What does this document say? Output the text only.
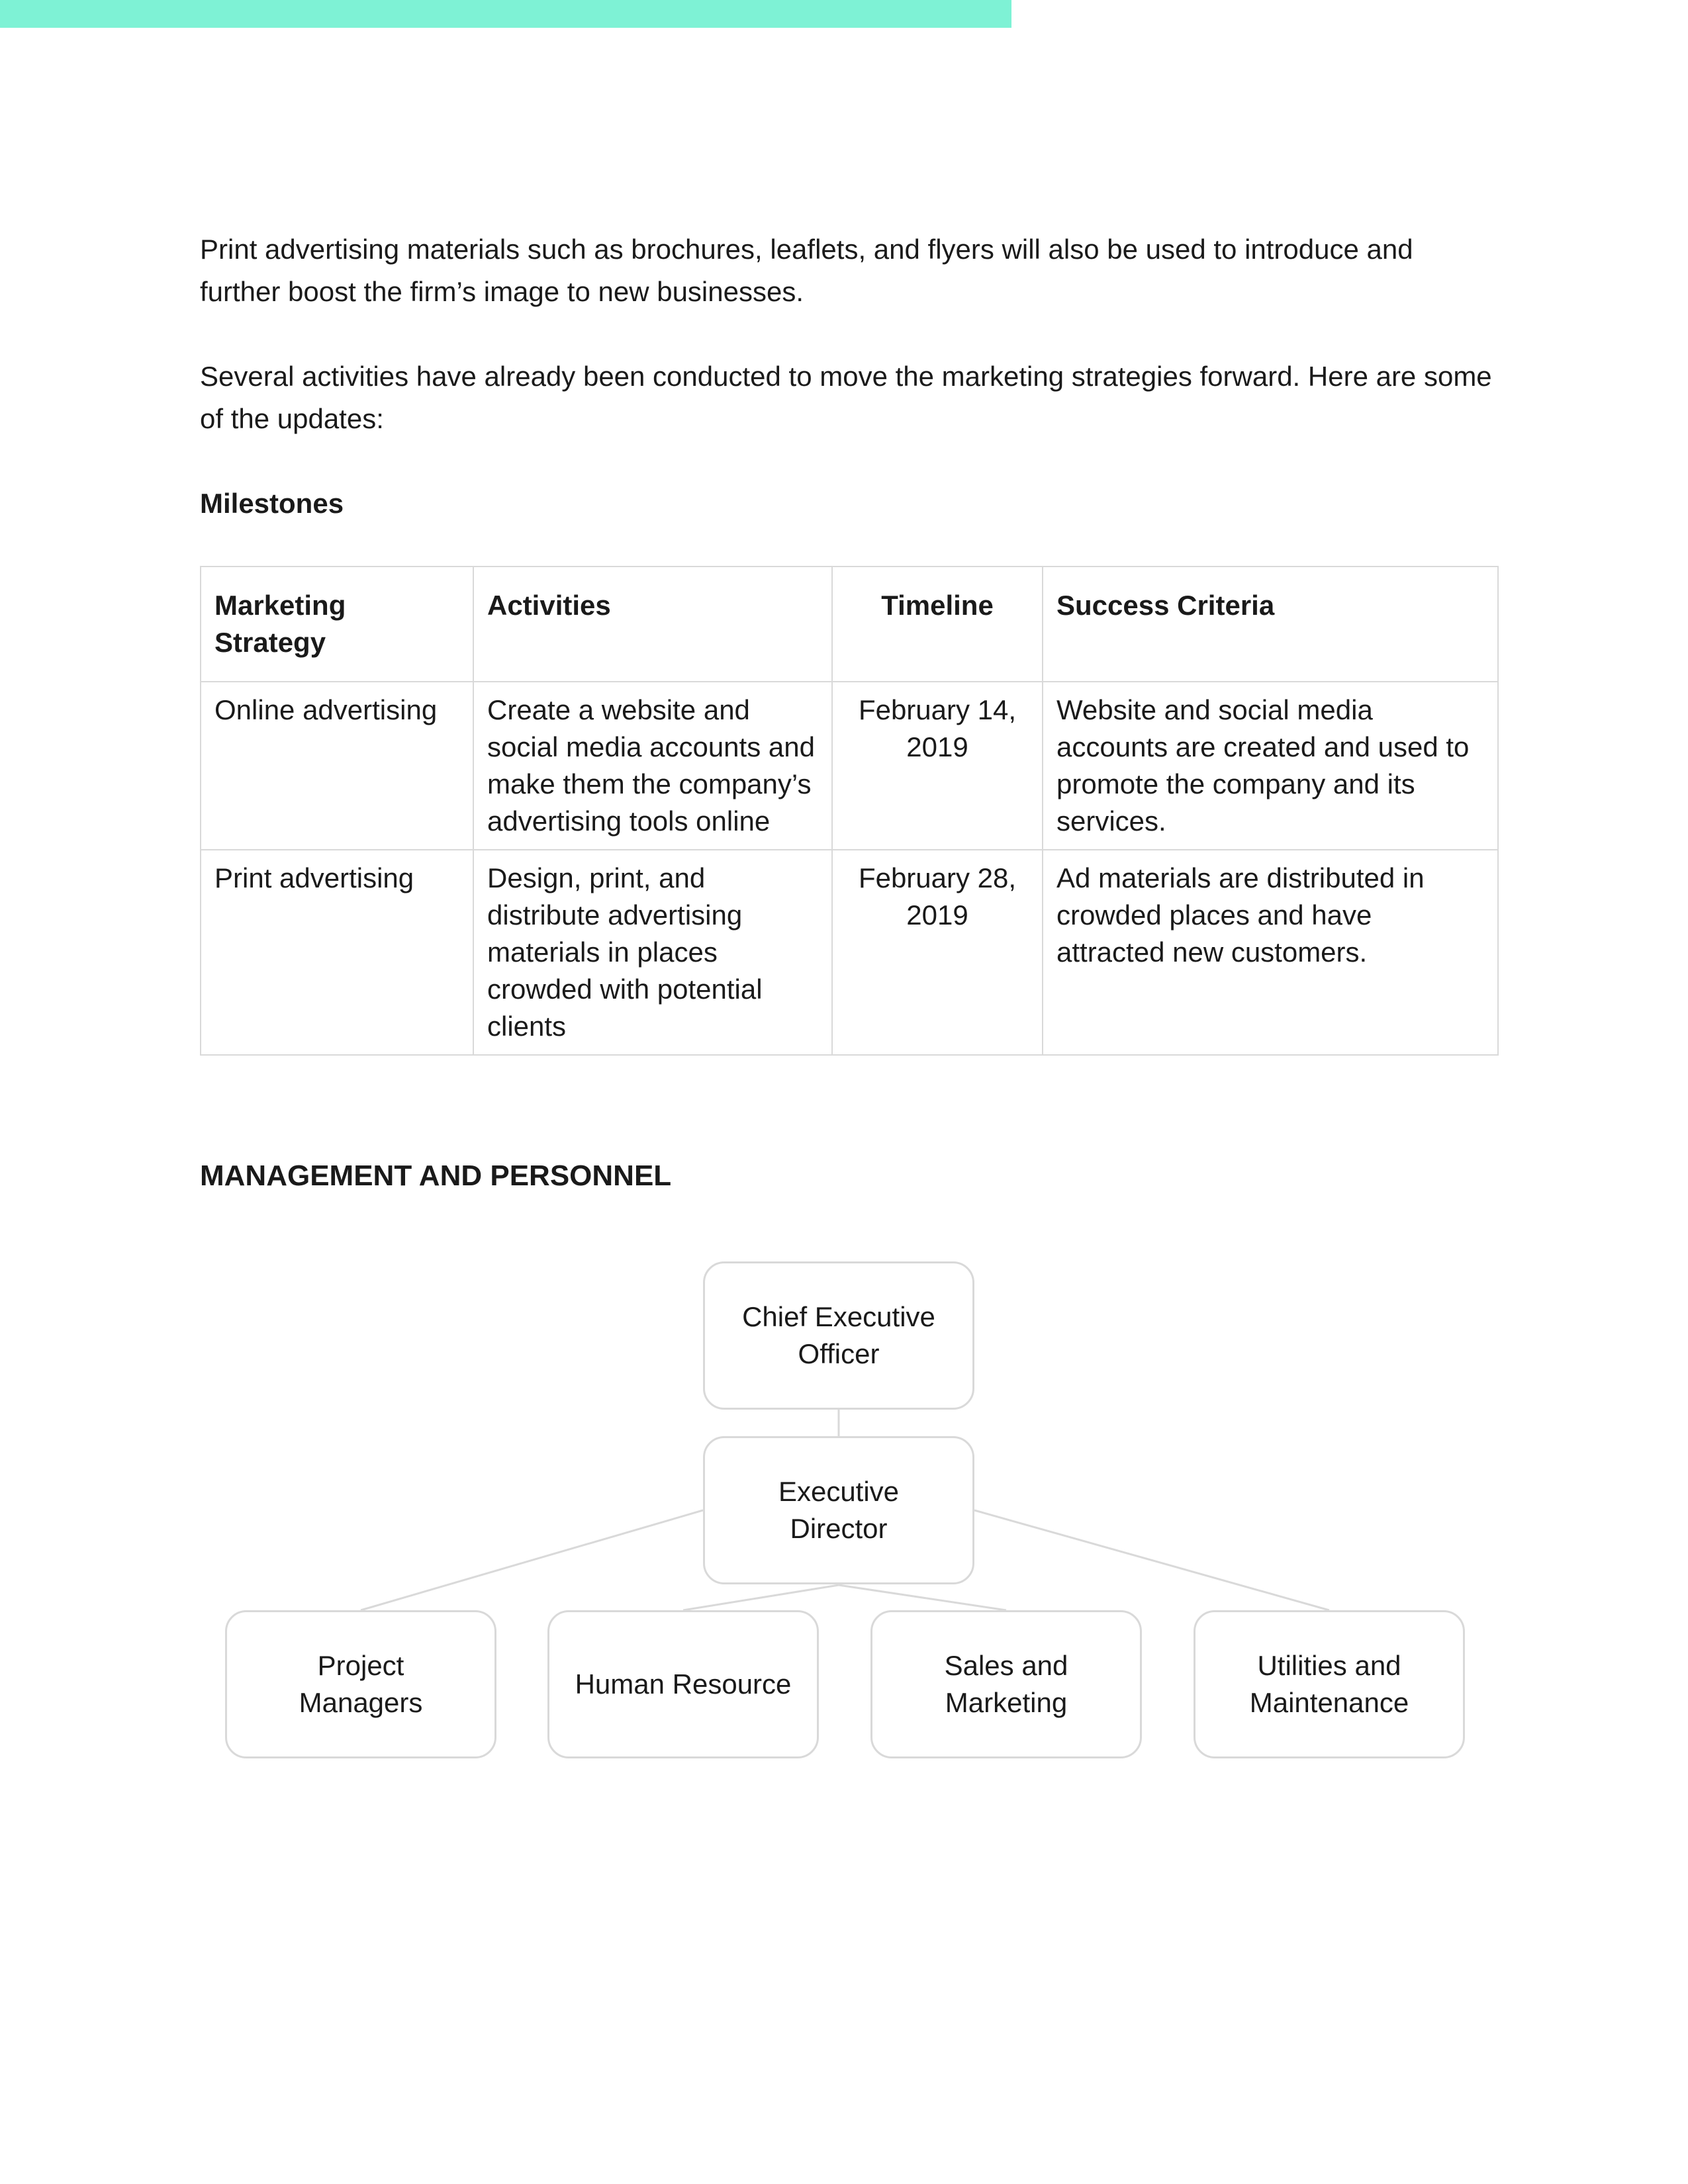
Print advertising materials such as brochures, leaflets, and flyers will also be used to introduce and further boost the firm’s image to new businesses.

Several activities have already been conducted to move the marketing strategies forward. Here are some of the updates:

Milestones

Marketing Strategy	Activities	Timeline	Success Criteria
Online advertising	Create a website and social media accounts and make them the company’s advertising tools online	February 14, 2019	Website and social media accounts are created and used to promote the company and its services.
Print advertising	Design, print, and distribute advertising materials in places crowded with potential clients	February 28, 2019	Ad materials are distributed in crowded places and have attracted new customers.

MANAGEMENT AND PERSONNEL

Chief Executive
Officer
Executive
Director
Project
Managers
Human Resource
Sales and
Marketing
Utilities and
Maintenance
